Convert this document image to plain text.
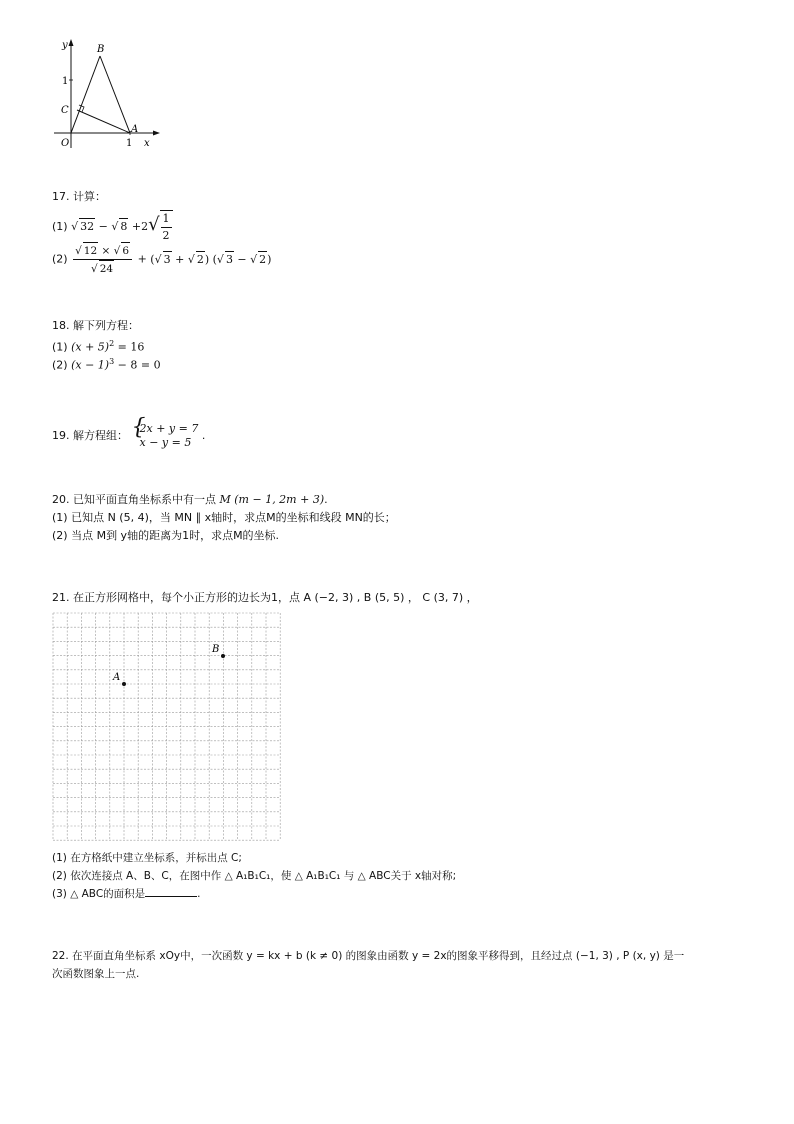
y	B
1
C
A
O	1 x
17. 计算：
(1) √ 32 − √ $8 +2√ \frac{1}{2}$
$(2) \frac{√ 12 \times √ 6}{√ 24}$ + (√ 3 + √ 2) (√ 3 − √ 2)
18. 解下列方程：
(1) $(x + 5)^2 = 16$
(2) $(x - 1)^3 - 8 = 0$
19. 解方程组： {
2x + y = 7
x − y = 5
.
20. 已知平面直角坐标系中有一点 M (m − 1, 2m + 3).
(1) 已知点 N (5, 4)，当 MN ∥ x轴时，求点M的坐标和线段 MN的长；
(2) 当点 M到 y轴的距离为1时，求点M的坐标.
21. 在正方形网格中，每个小正方形的边长为1，点 A (−2, 3) , B (5, 5) ， C (3, 7) ，
A
B
(1) 在方格纸中建立坐标系，并标出点 C;
(2) 依次连接点 A、B、C，在图中作 △ A₁B₁C₁，使 △ A₁B₁C₁ 与 △ ABC关于 x轴对称;
(3) △ ABC的面积是	.
22. 在平面直角坐标系 xOy中，一次函数 y = kx + b (k ≠ 0) 的图象由函数 y = 2x的图象平移得到，且经过点 (−1, 3) , P (x, y) 是一
次函数图象上一点.
